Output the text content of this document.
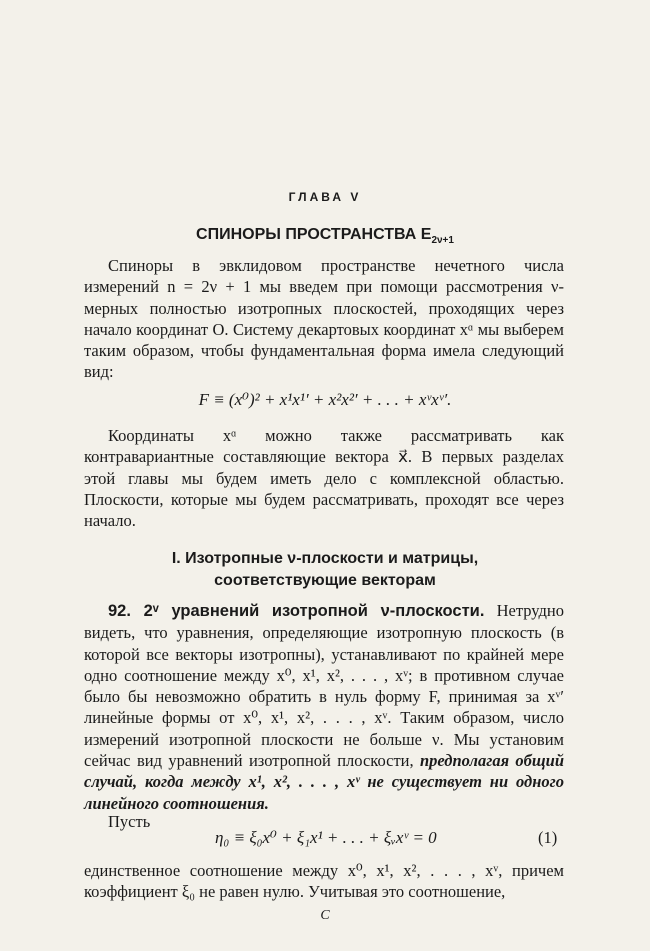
ГЛАВА V
СПИНОРЫ ПРОСТРАНСТВА $E_{2\nu+1}$
Спиноры в эвклидовом пространстве нечетного числа измерений n = 2ν + 1 мы введем при помощи рассмотрения ν-мерных полностью изотропных плоскостей, проходящих через начало координат O. Систему декартовых координат xᵅ мы выберем таким образом, чтобы фундаментальная форма имела следующий вид:
F ≡ (x⁰)² + x¹x¹′ + x²x²′ + . . . + xᵛxᵛ′.
Координаты xᵅ можно также рассматривать как контравариантные составляющие вектора x⃗. В первых разделах этой главы мы будем иметь дело с комплексной областью. Плоскости, которые мы будем рассматривать, проходят все через начало.
I. Изотропные ν-плоскости и матрицы,
соответствующие векторам
92. 2ᵛ уравнений изотропной ν-плоскости. Нетрудно видеть, что уравнения, определяющие изотропную плоскость (в которой все векторы изотропны), устанавливают по крайней мере одно соотношение между x⁰, x¹, x², . . . , xᵛ; в противном случае было бы невозможно обратить в нуль форму F, принимая за xᵛ′ линейные формы от x⁰, x¹, x², . . . , xᵛ. Таким образом, число измерений изотропной плоскости не больше ν. Мы установим сейчас вид уравнений изотропной плоскости, предполагая общий случай, когда между x¹, x², . . . , xᵛ не существует ни одного линейного соотношения.
Пусть
η₀ ≡ ξ₀x⁰ + ξ₁x¹ + . . . + ξᵥxᵛ = 0	(1)
единственное соотношение между x⁰, x¹, x², . . . , xᵛ, причем коэффициент ξ₀ не равен нулю. Учитывая это соотношение,
C
